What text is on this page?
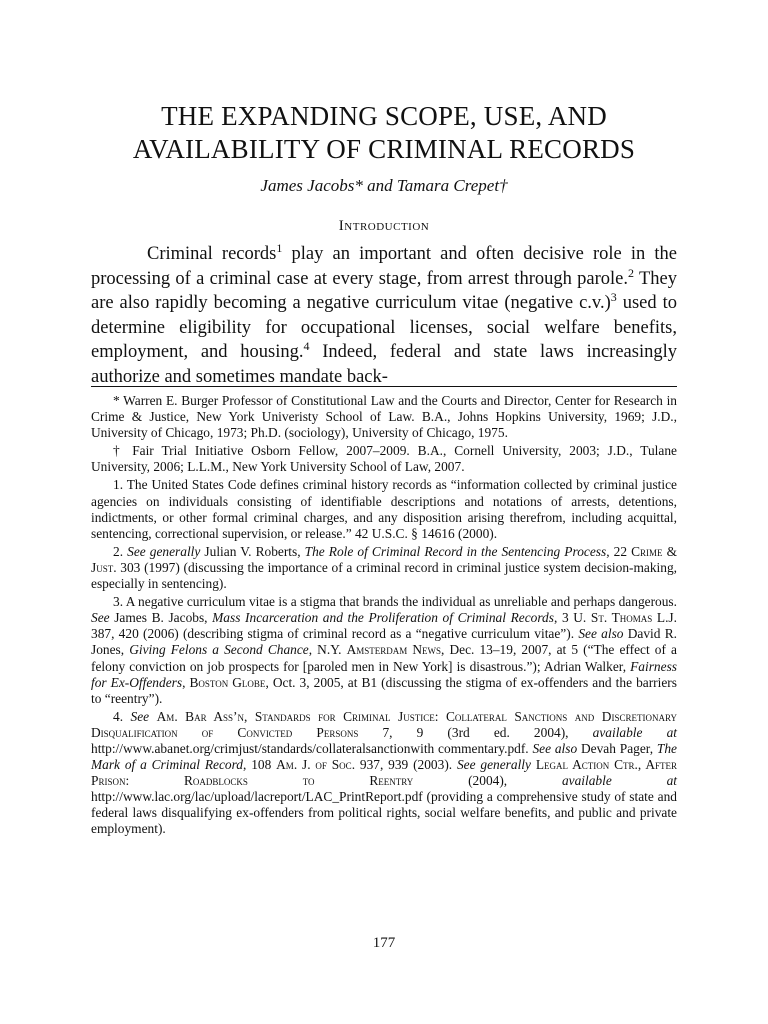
THE EXPANDING SCOPE, USE, AND
AVAILABILITY OF CRIMINAL RECORDS
James Jacobs* and Tamara Crepet†
Introduction

Criminal records$^1$ play an important and often decisive role in the processing of a criminal case at every stage, from arrest through parole.$^2$ They are also rapidly becoming a negative curriculum vitae (negative c.v.)$^3$ used to determine eligibility for occupational licenses, social welfare benefits, employment, and housing.$^4$ Indeed, federal and state laws increasingly authorize and sometimes mandate back-

* Warren E. Burger Professor of Constitutional Law and the Courts and Director, Center for Research in Crime & Justice, New York Univeristy School of Law. B.A., Johns Hopkins University, 1969; J.D., University of Chicago, 1973; Ph.D. (sociology), University of Chicago, 1975.

† Fair Trial Initiative Osborn Fellow, 2007–2009. B.A., Cornell University, 2003; J.D., Tulane University, 2006; L.L.M., New York University School of Law, 2007.

1. The United States Code defines criminal history records as “information collected by criminal justice agencies on individuals consisting of identifiable descriptions and notations of arrests, detentions, indictments, or other formal criminal charges, and any disposition arising therefrom, including acquittal, sentencing, correctional supervision, or release.” 42 U.S.C. § 14616 (2000).

2. See generally Julian V. Roberts, The Role of Criminal Record in the Sentencing Process, 22 Crime & Just. 303 (1997) (discussing the importance of a criminal record in criminal justice system decision-making, especially in sentencing).

3. A negative curriculum vitae is a stigma that brands the individual as unreliable and perhaps dangerous. See James B. Jacobs, Mass Incarceration and the Proliferation of Criminal Records, 3 U. St. Thomas L.J. 387, 420 (2006) (describing stigma of criminal record as a “negative curriculum vitae”). See also David R. Jones, Giving Felons a Second Chance, N.Y. Amsterdam News, Dec. 13–19, 2007, at 5 (“The effect of a felony conviction on job prospects for [paroled men in New York] is disastrous.”); Adrian Walker, Fairness for Ex-Offenders, Boston Globe, Oct. 3, 2005, at B1 (discussing the stigma of ex-offenders and the barriers to “reentry”).

4. See Am. Bar Ass’n, Standards for Criminal Justice: Collateral Sanctions and Discretionary Disqualification of Convicted Persons 7, 9 (3rd ed. 2004), available at http://www.abanet.org/crimjust/standards/collateralsanctionwith commentary.pdf. See also Devah Pager, The Mark of a Criminal Record, 108 Am. J. of Soc. 937, 939 (2003). See generally Legal Action Ctr., After Prison: Roadblocks to Reentry (2004), available at http://www.lac.org/lac/upload/lacreport/LAC_PrintReport.pdf (providing a comprehensive study of state and federal laws disqualifying ex-offenders from political rights, social welfare benefits, and public and private employment).

177
